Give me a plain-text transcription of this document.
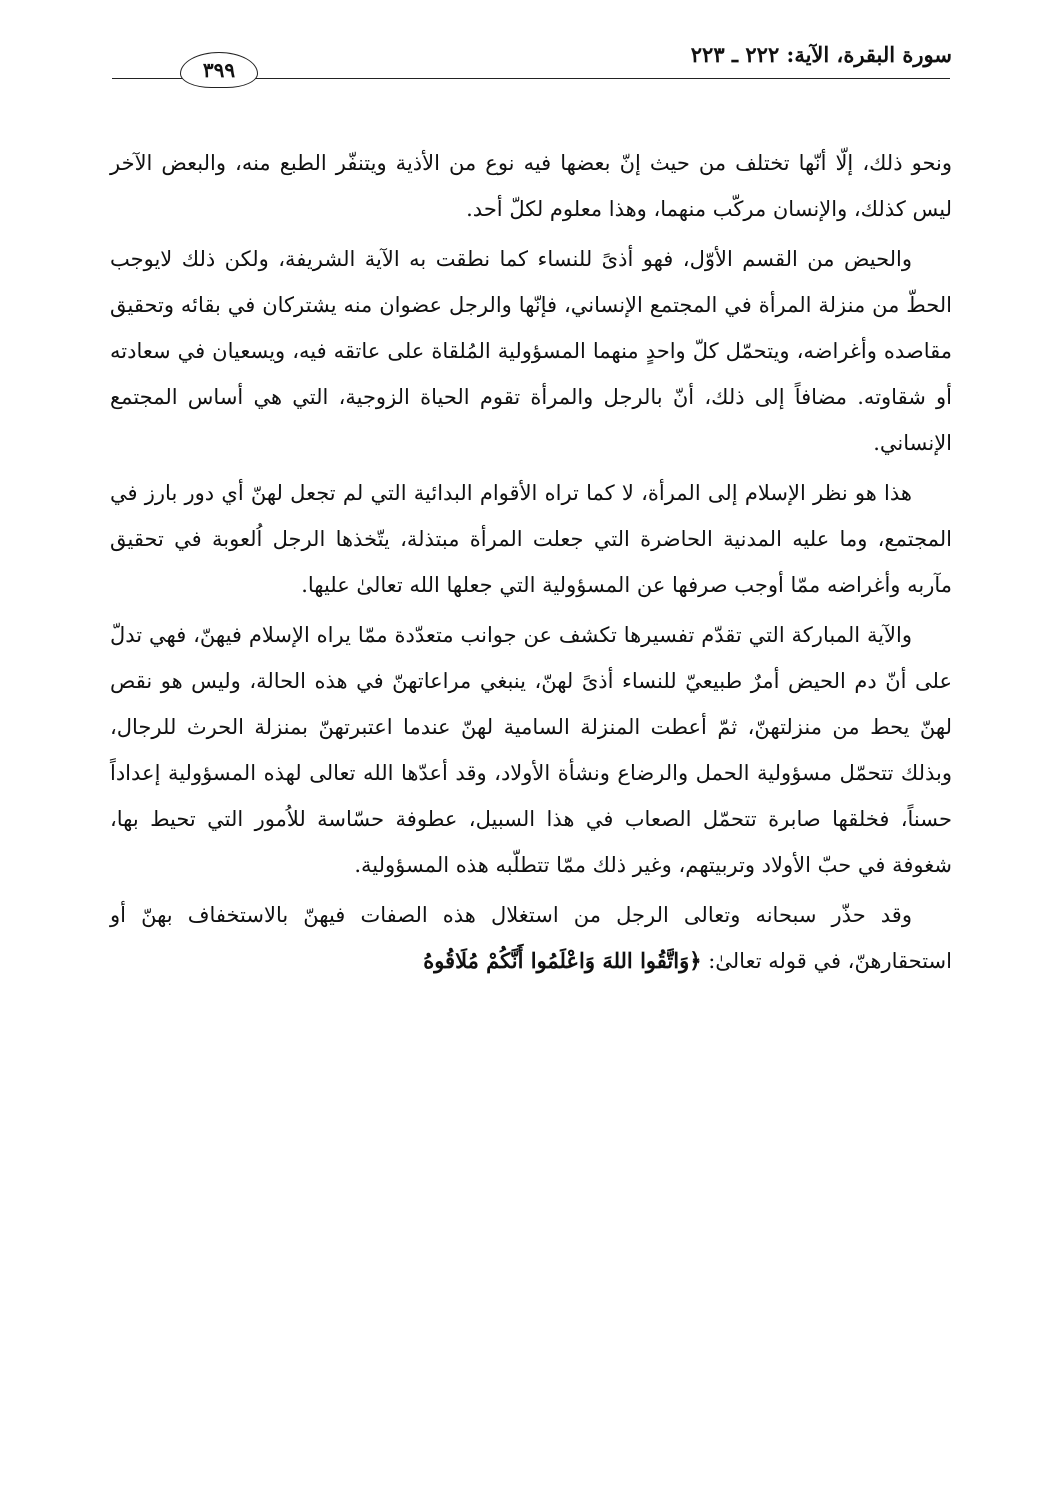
سورة البقرة، الآية: ٢٢٢ ـ ٢٢٣
٣٩٩

ونحو ذلك، إلّا أنّها تختلف من حيث إنّ بعضها فيه نوع من الأذية ويتنفّر الطبع منه، والبعض الآخر ليس كذلك، والإنسان مركّب منهما، وهذا معلوم لكلّ أحد.

والحيض من القسم الأوّل، فهو أذىً للنساء كما نطقت به الآية الشريفة، ولكن ذلك لايوجب الحطّ من منزلة المرأة في المجتمع الإنساني، فإنّها والرجل عضوان منه يشتركان في بقائه وتحقيق مقاصده وأغراضه، ويتحمّل كلّ واحدٍ منهما المسؤولية المُلقاة على عاتقه فيه، ويسعيان في سعادته أو شقاوته. مضافاً إلى ذلك، أنّ بالرجل والمرأة تقوم الحياة الزوجية، التي هي أساس المجتمع الإنساني.

هذا هو نظر الإسلام إلى المرأة، لا كما تراه الأقوام البدائية التي لم تجعل لهنّ أي دور بارز في المجتمع، وما عليه المدنية الحاضرة التي جعلت المرأة مبتذلة، يتّخذها الرجل اُلعوبة في تحقيق مآربه وأغراضه ممّا أوجب صرفها عن المسؤولية التي جعلها الله تعالىٰ عليها.

والآية المباركة التي تقدّم تفسيرها تكشف عن جوانب متعدّدة ممّا يراه الإسلام فيهنّ، فهي تدلّ على أنّ دم الحيض أمرٌ طبيعيّ للنساء أذىً لهنّ، ينبغي مراعاتهنّ في هذه الحالة، وليس هو نقص لهنّ يحط من منزلتهنّ، ثمّ أعطت المنزلة السامية لهنّ عندما اعتبرتهنّ بمنزلة الحرث للرجال، وبذلك تتحمّل مسؤولية الحمل والرضاع ونشأة الأولاد، وقد أعدّها الله تعالى لهذه المسؤولية إعداداً حسناً، فخلقها صابرة تتحمّل الصعاب في هذا السبيل، عطوفة حسّاسة للاُمور التي تحيط بها، شغوفة في حبّ الأولاد وتربيتهم، وغير ذلك ممّا تتطلّبه هذه المسؤولية.

وقد حذّر سبحانه وتعالى الرجل من استغلال هذه الصفات فيهنّ بالاستخفاف بهنّ أو استحقارهنّ، في قوله تعالىٰ: ﴿وَاتَّقُوا اللهَ وَاعْلَمُوا أَنَّكُمْ مُلَاقُوهُ
